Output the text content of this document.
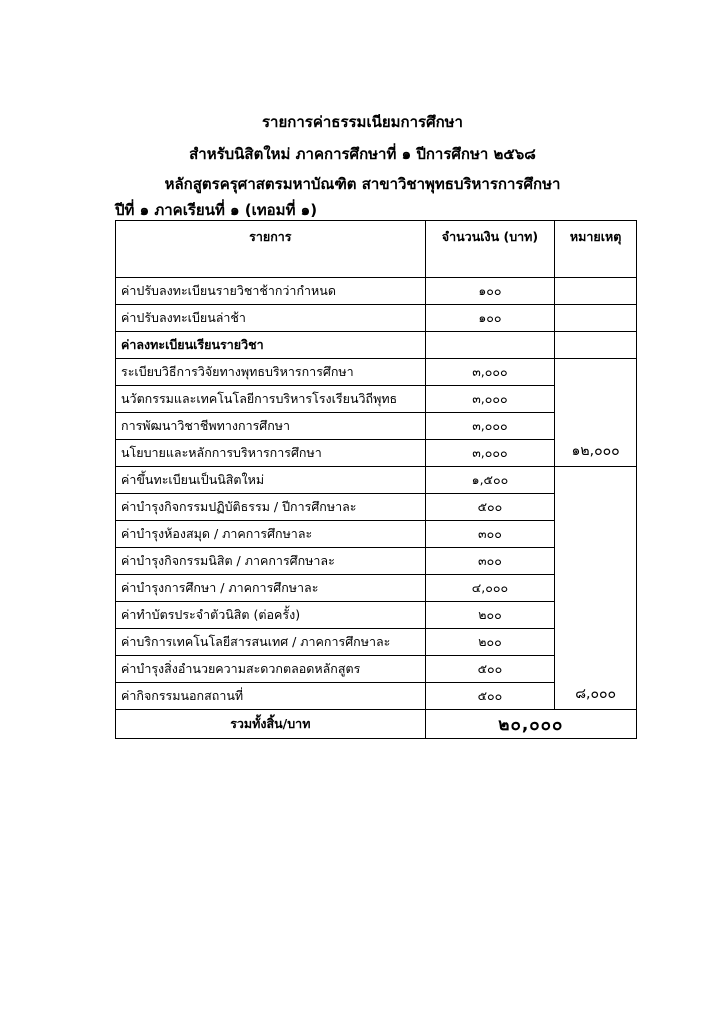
รายการค่าธรรมเนียมการศึกษา
สำหรับนิสิตใหม่ ภาคการศึกษาที่ ๑ ปีการศึกษา ๒๕๖๘
หลักสูตรครุศาสตรมหาบัณฑิต สาขาวิชาพุทธบริหารการศึกษา
ปีที่ ๑ ภาคเรียนที่ ๑ (เทอมที่ ๑)
รายการ	จำนวนเงิน (บาท)	หมายเหตุ
ค่าปรับลงทะเบียนรายวิชาช้ากว่ากำหนด	๑๐๐	
ค่าปรับลงทะเบียนล่าช้า	๑๐๐	
ค่าลงทะเบียนเรียนรายวิชา		
ระเบียบวิธีการวิจัยทางพุทธบริหารการศึกษา	๓,๐๐๐	๑๒,๐๐๐
นวัตกรรมและเทคโนโลยีการบริหารโรงเรียนวิถีพุทธ	๓,๐๐๐	
การพัฒนาวิชาชีพทางการศึกษา	๓,๐๐๐	
นโยบายและหลักการบริหารการศึกษา	๓,๐๐๐	
ค่าขึ้นทะเบียนเป็นนิสิตใหม่	๑,๕๐๐	๘,๐๐๐
ค่าบำรุงกิจกรรมปฏิบัติธรรม / ปีการศึกษาละ	๕๐๐	
ค่าบำรุงห้องสมุด / ภาคการศึกษาละ	๓๐๐	
ค่าบำรุงกิจกรรมนิสิต / ภาคการศึกษาละ	๓๐๐	
ค่าบำรุงการศึกษา / ภาคการศึกษาละ	๔,๐๐๐	
ค่าทำบัตรประจำตัวนิสิต (ต่อครั้ง)	๒๐๐	
ค่าบริการเทคโนโลยีสารสนเทศ / ภาคการศึกษาละ	๒๐๐	
ค่าบำรุงสิ่งอำนวยความสะดวกตลอดหลักสูตร	๕๐๐	
ค่ากิจกรรมนอกสถานที่	๕๐๐	
รวมทั้งสิ้น/บาท	๒๐,๐๐๐	
